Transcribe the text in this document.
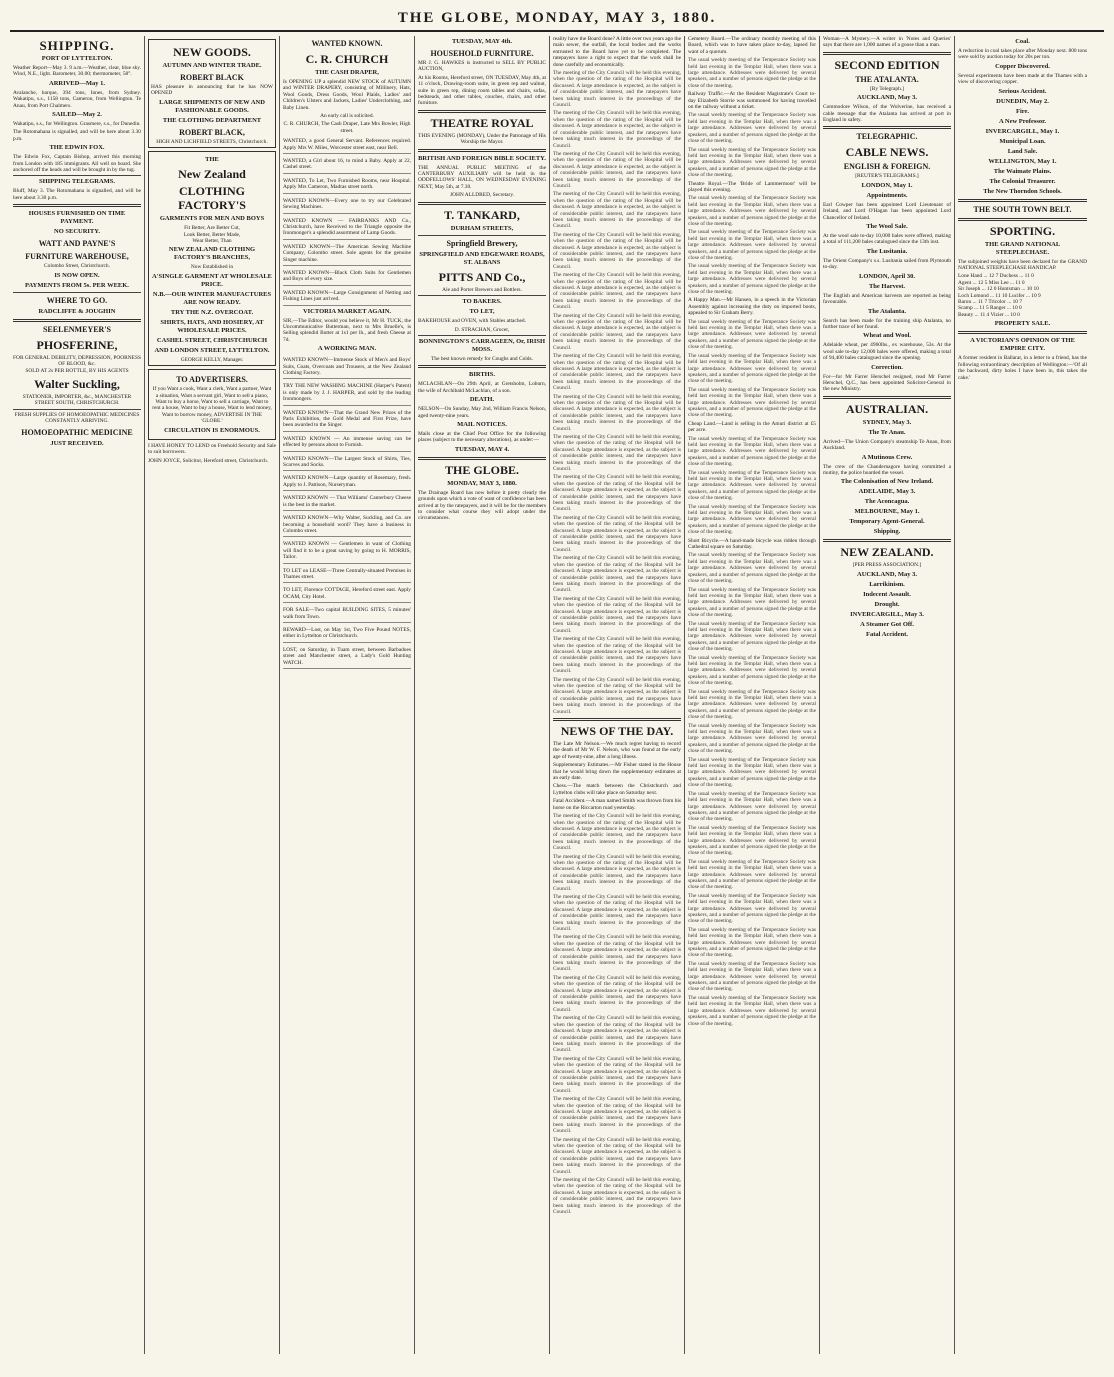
THE GLOBE, MONDAY, MAY 3, 1880.
SHIPPING.
PORT OF LYTTELTON.

Weather Report—May 3. 9 a.m.—Weather, clear, blue sky. Wind, N.E., light. Barometer, 30.00; thermometer, 58°.

ARRIVED—May 1.

Avalanche, barque, 394 tons, Innes, from Sydney. Wakatipu, s.s., 1158 tons, Cameron, from Wellington. Te Anau, from Port Chalmers.

SAILED—May 2.

Wakatipu, s.s., for Wellington. Grasmere, s.s., for Dunedin.

The Rotomahana is signalled, and will be here about 3.30 p.m.

THE EDWIN FOX.

The Edwin Fox, Captain Bishop, arrived this morning from London with 185 immigrants. All well on board. She anchored off the heads and will be brought in by the tug.

SHIPPING TELEGRAMS.

Bluff, May 3. The Rotomahana is signalled, and will be here about 3.30 p.m.

HOUSES FURNISHED ON TIME PAYMENT.
NO SECURITY.
WATT AND PAYNE'S
FURNITURE WAREHOUSE,
Colombo Street, Christchurch.
IS NOW OPEN.
PAYMENTS FROM 5s. PER WEEK.
WHERE TO GO.
RADCLIFFE & JOUGHIN
SEELENMEYER'S
PHOSFERINE,
FOR GENERAL DEBILITY, DEPRESSION, POORNESS OF BLOOD, &c.
SOLD AT 2s PER BOTTLE, BY HIS AGENTS
Walter Suckling,
STATIONER, IMPORTER, &c., MANCHESTER STREET SOUTH, CHRISTCHURCH.
FRESH SUPPLIES OF HOMOEOPATHIC MEDICINES CONSTANTLY ARRIVING.
HOMOEOPATHIC MEDICINE
JUST RECEIVED.
NEW GOODS.
AUTUMN AND WINTER TRADE.
ROBERT BLACK

HAS pleasure in announcing that he has NOW OPENED

LARGE SHIPMENTS OF NEW AND FASHIONABLE GOODS.
THE CLOTHING DEPARTMENT
ROBERT BLACK,
HIGH AND LICHFIELD STREETS, Christchurch.
THE
New Zealand
CLOTHING FACTORY'S
GARMENTS FOR MEN AND BOYS
Fit Better, Are Better Cut,
Look Better, Better Made,
Wear Better, Than
NEW ZEALAND CLOTHING FACTORY'S BRANCHES,
Now Established in
A'SINGLE GARMENT AT WHOLESALE PRICE.
N.B.—OUR WINTER MANUFACTURES ARE NOW READY.
TRY THE N.Z. OVERCOAT.
SHIRTS, HATS, AND HOSIERY, AT WHOLESALE PRICES.
CASHEL STREET, CHRISTCHURCH
AND LONDON STREET, LYTTELTON.
GEORGE KELLY, Manager.
TO ADVERTISERS.

If you Want a cook, Want a clerk, Want a partner, Want a situation, Want a servant girl, Want to sell a piano, Want to buy a horse, Want to sell a carriage, Want to rent a house, Want to buy a house, Want to lend money, Want to borrow money, ADVERTISE IN THE 'GLOBE.'

CIRCULATION IS ENORMOUS.

I HAVE HONEY TO LEND on Freehold Security and Sale to suit borrowers.

JOHN JOYCE, Solicitor, Hereford street, Christchurch.

WANTED KNOWN.
C. R. CHURCH
THE CASH DRAPER,

Is OPENING UP a splendid NEW STOCK of AUTUMN and WINTER DRAPERY, consisting of Millinery, Hats, Wool Goods, Dress Goods, Wool Plaids, Ladies' and Children's Ulsters and Jackets, Ladies' Underclothing, and Baby Linen.

An early call is solicited.

C. R. CHURCH, The Cash Draper, Late Mrs Bowler, High street.

WANTED, a good General Servant. References required. Apply Mrs W. Miles, Worcester street east, near Bell.
WANTED, a Girl about 16, to mind a Baby. Apply at 22, Cashel street.
WANTED, To Let, Two Furnished Rooms, near Hospital. Apply Mrs Cameron, Madras street north.
WANTED KNOWN—Every one to try our Celebrated Sewing Machines.
WANTED KNOWN — FAIRBANKS AND Co., Christchurch, have Received to the Triangle opposite the Ironmonger's a splendid assortment of Lamp Goods.
WANTED KNOWN—The American Sewing Machine Company, Colombo street. Sole agents for the genuine Singer machine.
WANTED KNOWN—Black Cloth Suits for Gentlemen and Boys of every size.
WANTED KNOWN—Large Consignment of Netting and Fishing Lines just arrived.
VICTORIA MARKET AGAIN.

SIR,—The Editor, would you believe it, Mr H. TUCK, the Uncommunicative Butterman, next to Mrs Bruelle's, is Selling splendid Butter at 1s1 per lb., and fresh Cheese at 7d.

A WORKING MAN.
WANTED KNOWN—Immense Stock of Men's and Boys' Suits, Coats, Overcoats and Trousers, at the New Zealand Clothing Factory.
TRY THE NEW WASHING MACHINE (Harper's Patent) is only made by J. J. HARPER, and sold by the leading Ironmongers.
WANTED KNOWN—That the Grand New Prizes of the Paris Exhibition, the Gold Medal and First Prize, have been awarded to the Singer.
WANTED KNOWN — An immense saving can be effected by persons about to Furnish.
WANTED KNOWN—The Largest Stock of Shirts, Ties, Scarves and Socks.
WANTED KNOWN—Large quantity of Rosemary, fresh. Apply to J. Pattison, Nurseryman.
WANTED KNOWN — That Williams' Canterbury Cheese is the best in the market.
WANTED KNOWN—Why Walter, Suckling, and Co. are becoming a household word? They have a business in Colombo street.
WANTED KNOWN — Gentlemen in want of Clothing will find it to be a great saving by going to H. MORRIS, Tailor.
TO LET on LEASE—Three Centrally-situated Premises in Thames street.
TO LET, Florence COTTAGE, Hereford street east. Apply OCAM, City Hotel.
FOR SALE—Two capital BUILDING SITES, 5 minutes' walk from Town.
REWARD—Lost, on May 1st, Two Five Pound NOTES, either in Lyttelton or Christchurch.
LOST, on Saturday, in Tuam street, between Barbadoes street and Manchester street, a Lady's Gold Hunting WATCH.
TUESDAY, MAY 4th.
HOUSEHOLD FURNITURE.

MR J. G. HAWKES is instructed to SELL BY PUBLIC AUCTION,

At his Rooms, Hereford street, ON TUESDAY, May 4th, at 11 o'clock, Drawing-room suite, in green rep and walnut, suite in green rep, dining room tables and chairs, sofas, bedsteads, and other tables, couches, chairs, and other furniture.

THEATRE ROYAL

THIS EVENING (MONDAY), Under the Patronage of His Worship the Mayor.

BRITISH AND FOREIGN BIBLE SOCIETY.

THE ANNUAL PUBLIC MEETING of the CANTERBURY AUXILIARY will be held in the ODDFELLOWS' HALL, ON WEDNESDAY EVENING NEXT, May 5th, at 7.30.

JOHN ALLDRED, Secretary.

T. TANKARD,
DURHAM STREETS,
Springfield Brewery,
SPRINGFIELD AND EDGEWARE ROADS, ST. ALBANS
PITTS AND Co.,
Ale and Porter Brewers and Bottlers.
TO BAKERS.
TO LET,

BAKEHOUSE and OVEN, with Stables attached.

D. STRACHAN, Grocer,

BONNINGTON'S CARRAGEEN, Or, IRISH MOSS.

The best known remedy for Coughs and Colds.

BIRTHS.

MCLACHLAN—On 29th April, at Gretsholm, Loburn, the wife of Archibald McLachlan, of a son.

DEATH.

NELSON—On Sunday, May 2nd, William Francis Nelson, aged twenty-nine years.

MAIL NOTICES.

Mails close at the Chief Post Office for the following places (subject to the necessary alterations), as under:—

TUESDAY, MAY 4.
THE GLOBE.
MONDAY, MAY 3, 1880.

The Drainage Board has now before it pretty clearly the grounds upon which a vote of want of confidence has been arrived at by the ratepayers, and it will be for the members to consider what course they will adopt under the circumstances.

reality have the Board done? A little over two years ago the main sewer, the outfall, the local bodies and the works entrusted to the Board have yet to be completed. The ratepayers have a right to expect that the work shall be done carefully and economically.

The meeting of the City Council will be held this evening, when the question of the rating of the Hospital will be discussed. A large attendance is expected, as the subject is of considerable public interest, and the ratepayers have been taking much interest in the proceedings of the Council.

The meeting of the City Council will be held this evening, when the question of the rating of the Hospital will be discussed. A large attendance is expected, as the subject is of considerable public interest, and the ratepayers have been taking much interest in the proceedings of the Council.

The meeting of the City Council will be held this evening, when the question of the rating of the Hospital will be discussed. A large attendance is expected, as the subject is of considerable public interest, and the ratepayers have been taking much interest in the proceedings of the Council.

The meeting of the City Council will be held this evening, when the question of the rating of the Hospital will be discussed. A large attendance is expected, as the subject is of considerable public interest, and the ratepayers have been taking much interest in the proceedings of the Council.

The meeting of the City Council will be held this evening, when the question of the rating of the Hospital will be discussed. A large attendance is expected, as the subject is of considerable public interest, and the ratepayers have been taking much interest in the proceedings of the Council.

The meeting of the City Council will be held this evening, when the question of the rating of the Hospital will be discussed. A large attendance is expected, as the subject is of considerable public interest, and the ratepayers have been taking much interest in the proceedings of the Council.

The meeting of the City Council will be held this evening, when the question of the rating of the Hospital will be discussed. A large attendance is expected, as the subject is of considerable public interest, and the ratepayers have been taking much interest in the proceedings of the Council.

The meeting of the City Council will be held this evening, when the question of the rating of the Hospital will be discussed. A large attendance is expected, as the subject is of considerable public interest, and the ratepayers have been taking much interest in the proceedings of the Council.

The meeting of the City Council will be held this evening, when the question of the rating of the Hospital will be discussed. A large attendance is expected, as the subject is of considerable public interest, and the ratepayers have been taking much interest in the proceedings of the Council.

The meeting of the City Council will be held this evening, when the question of the rating of the Hospital will be discussed. A large attendance is expected, as the subject is of considerable public interest, and the ratepayers have been taking much interest in the proceedings of the Council.

The meeting of the City Council will be held this evening, when the question of the rating of the Hospital will be discussed. A large attendance is expected, as the subject is of considerable public interest, and the ratepayers have been taking much interest in the proceedings of the Council.

The meeting of the City Council will be held this evening, when the question of the rating of the Hospital will be discussed. A large attendance is expected, as the subject is of considerable public interest, and the ratepayers have been taking much interest in the proceedings of the Council.

The meeting of the City Council will be held this evening, when the question of the rating of the Hospital will be discussed. A large attendance is expected, as the subject is of considerable public interest, and the ratepayers have been taking much interest in the proceedings of the Council.

The meeting of the City Council will be held this evening, when the question of the rating of the Hospital will be discussed. A large attendance is expected, as the subject is of considerable public interest, and the ratepayers have been taking much interest in the proceedings of the Council.

The meeting of the City Council will be held this evening, when the question of the rating of the Hospital will be discussed. A large attendance is expected, as the subject is of considerable public interest, and the ratepayers have been taking much interest in the proceedings of the Council.

The meeting of the City Council will be held this evening, when the question of the rating of the Hospital will be discussed. A large attendance is expected, as the subject is of considerable public interest, and the ratepayers have been taking much interest in the proceedings of the Council.

NEWS OF THE DAY.

The Late Mr Nelson.—We much regret having to record the death of Mr W. F. Nelson, who was found at the early age of twenty-nine, after a long illness.

Supplementary Estimates.—Mr Fisher stated in the House that he would bring down the supplementary estimates at an early date.

Chess.—The match between the Christchurch and Lyttelton clubs will take place on Saturday next.

Fatal Accident.—A man named Smith was thrown from his horse on the Riccarton road yesterday.

The meeting of the City Council will be held this evening, when the question of the rating of the Hospital will be discussed. A large attendance is expected, as the subject is of considerable public interest, and the ratepayers have been taking much interest in the proceedings of the Council.

The meeting of the City Council will be held this evening, when the question of the rating of the Hospital will be discussed. A large attendance is expected, as the subject is of considerable public interest, and the ratepayers have been taking much interest in the proceedings of the Council.

The meeting of the City Council will be held this evening, when the question of the rating of the Hospital will be discussed. A large attendance is expected, as the subject is of considerable public interest, and the ratepayers have been taking much interest in the proceedings of the Council.

The meeting of the City Council will be held this evening, when the question of the rating of the Hospital will be discussed. A large attendance is expected, as the subject is of considerable public interest, and the ratepayers have been taking much interest in the proceedings of the Council.

The meeting of the City Council will be held this evening, when the question of the rating of the Hospital will be discussed. A large attendance is expected, as the subject is of considerable public interest, and the ratepayers have been taking much interest in the proceedings of the Council.

The meeting of the City Council will be held this evening, when the question of the rating of the Hospital will be discussed. A large attendance is expected, as the subject is of considerable public interest, and the ratepayers have been taking much interest in the proceedings of the Council.

The meeting of the City Council will be held this evening, when the question of the rating of the Hospital will be discussed. A large attendance is expected, as the subject is of considerable public interest, and the ratepayers have been taking much interest in the proceedings of the Council.

The meeting of the City Council will be held this evening, when the question of the rating of the Hospital will be discussed. A large attendance is expected, as the subject is of considerable public interest, and the ratepayers have been taking much interest in the proceedings of the Council.

The meeting of the City Council will be held this evening, when the question of the rating of the Hospital will be discussed. A large attendance is expected, as the subject is of considerable public interest, and the ratepayers have been taking much interest in the proceedings of the Council.

The meeting of the City Council will be held this evening, when the question of the rating of the Hospital will be discussed. A large attendance is expected, as the subject is of considerable public interest, and the ratepayers have been taking much interest in the proceedings of the Council.

Cemetery Board.—The ordinary monthly meeting of this Board, which was to have taken place to-day, lapsed for want of a quorum.

The usual weekly meeting of the Temperance Society was held last evening in the Templar Hall, when there was a large attendance. Addresses were delivered by several speakers, and a number of persons signed the pledge at the close of the meeting.

Railway Traffic.—At the Resident Magistrate's Court to-day Elizabeth Storrie was summoned for having travelled on the railway without a ticket.

The usual weekly meeting of the Temperance Society was held last evening in the Templar Hall, when there was a large attendance. Addresses were delivered by several speakers, and a number of persons signed the pledge at the close of the meeting.

The usual weekly meeting of the Temperance Society was held last evening in the Templar Hall, when there was a large attendance. Addresses were delivered by several speakers, and a number of persons signed the pledge at the close of the meeting.

Theatre Royal.—The 'Bride of Lammermoor' will be played this evening.

The usual weekly meeting of the Temperance Society was held last evening in the Templar Hall, when there was a large attendance. Addresses were delivered by several speakers, and a number of persons signed the pledge at the close of the meeting.

The usual weekly meeting of the Temperance Society was held last evening in the Templar Hall, when there was a large attendance. Addresses were delivered by several speakers, and a number of persons signed the pledge at the close of the meeting.

The usual weekly meeting of the Temperance Society was held last evening in the Templar Hall, when there was a large attendance. Addresses were delivered by several speakers, and a number of persons signed the pledge at the close of the meeting.

A Happy Man.—Mr Hansen, in a speech in the Victorian Assembly against increasing the duty on imported boots, appealed to Sir Graham Berry.

The usual weekly meeting of the Temperance Society was held last evening in the Templar Hall, when there was a large attendance. Addresses were delivered by several speakers, and a number of persons signed the pledge at the close of the meeting.

The usual weekly meeting of the Temperance Society was held last evening in the Templar Hall, when there was a large attendance. Addresses were delivered by several speakers, and a number of persons signed the pledge at the close of the meeting.

The usual weekly meeting of the Temperance Society was held last evening in the Templar Hall, when there was a large attendance. Addresses were delivered by several speakers, and a number of persons signed the pledge at the close of the meeting.

Cheap Land.—Land is selling in the Amuri district at £5 per acre.

The usual weekly meeting of the Temperance Society was held last evening in the Templar Hall, when there was a large attendance. Addresses were delivered by several speakers, and a number of persons signed the pledge at the close of the meeting.

The usual weekly meeting of the Temperance Society was held last evening in the Templar Hall, when there was a large attendance. Addresses were delivered by several speakers, and a number of persons signed the pledge at the close of the meeting.

The usual weekly meeting of the Temperance Society was held last evening in the Templar Hall, when there was a large attendance. Addresses were delivered by several speakers, and a number of persons signed the pledge at the close of the meeting.

Short Bicycle.—A hand-made bicycle was ridden through Cathedral square on Saturday.

The usual weekly meeting of the Temperance Society was held last evening in the Templar Hall, when there was a large attendance. Addresses were delivered by several speakers, and a number of persons signed the pledge at the close of the meeting.

The usual weekly meeting of the Temperance Society was held last evening in the Templar Hall, when there was a large attendance. Addresses were delivered by several speakers, and a number of persons signed the pledge at the close of the meeting.

The usual weekly meeting of the Temperance Society was held last evening in the Templar Hall, when there was a large attendance. Addresses were delivered by several speakers, and a number of persons signed the pledge at the close of the meeting.

The usual weekly meeting of the Temperance Society was held last evening in the Templar Hall, when there was a large attendance. Addresses were delivered by several speakers, and a number of persons signed the pledge at the close of the meeting.

The usual weekly meeting of the Temperance Society was held last evening in the Templar Hall, when there was a large attendance. Addresses were delivered by several speakers, and a number of persons signed the pledge at the close of the meeting.

The usual weekly meeting of the Temperance Society was held last evening in the Templar Hall, when there was a large attendance. Addresses were delivered by several speakers, and a number of persons signed the pledge at the close of the meeting.

The usual weekly meeting of the Temperance Society was held last evening in the Templar Hall, when there was a large attendance. Addresses were delivered by several speakers, and a number of persons signed the pledge at the close of the meeting.

The usual weekly meeting of the Temperance Society was held last evening in the Templar Hall, when there was a large attendance. Addresses were delivered by several speakers, and a number of persons signed the pledge at the close of the meeting.

The usual weekly meeting of the Temperance Society was held last evening in the Templar Hall, when there was a large attendance. Addresses were delivered by several speakers, and a number of persons signed the pledge at the close of the meeting.

The usual weekly meeting of the Temperance Society was held last evening in the Templar Hall, when there was a large attendance. Addresses were delivered by several speakers, and a number of persons signed the pledge at the close of the meeting.

The usual weekly meeting of the Temperance Society was held last evening in the Templar Hall, when there was a large attendance. Addresses were delivered by several speakers, and a number of persons signed the pledge at the close of the meeting.

The usual weekly meeting of the Temperance Society was held last evening in the Templar Hall, when there was a large attendance. Addresses were delivered by several speakers, and a number of persons signed the pledge at the close of the meeting.

The usual weekly meeting of the Temperance Society was held last evening in the Templar Hall, when there was a large attendance. Addresses were delivered by several speakers, and a number of persons signed the pledge at the close of the meeting.

The usual weekly meeting of the Temperance Society was held last evening in the Templar Hall, when there was a large attendance. Addresses were delivered by several speakers, and a number of persons signed the pledge at the close of the meeting.

Woman—A Mystery.—A writer in 'Notes and Queries' says that there are 1,000 names of a goose than a man.

SECOND EDITION
THE ATALANTA.
[By Telegraph.]
AUCKLAND, May 3.

Commodore Wilson, of the Wolverine, has received a cable message that the Atalanta has arrived at port in England in safety.

TELEGRAPHIC.
CABLE NEWS.
ENGLISH & FOREIGN.
[REUTER'S TELEGRAMS.]
LONDON, May 1.
Appointments.

Earl Cowper has been appointed Lord Lieutenant of Ireland, and Lord O'Hagan has been appointed Lord Chancellor of Ireland.

The Wool Sale.

At the wool sale to-day 10,000 bales were offered, making a total of 111,200 bales catalogued since the 13th inst.

The Lusitania.

The Orient Company's s.s. Lusitania sailed from Plymouth to-day.

LONDON, April 30.
The Harvest.

The English and American harvests are reported as being favourable.

The Atalanta.

Search has been made for the training ship Atalanta, no further trace of her found.

Wheat and Wool.

Adelaide wheat, per 4960lbs., ex warehouse, 53s. At the wool sale to-day 12,000 bales were offered, making a total of 94,400 bales catalogued since the opening.

Correction.

For—for Mr Farrer Herschel resigned, read Mr Farrer Herschel, Q.C., has been appointed Solicitor-General in the new Ministry.

AUSTRALIAN.
SYDNEY, May 3.
The Te Anau.

Arrived—The Union Company's steamship Te Anau, from Auckland.

A Mutinous Crew.

The crew of the Chandernagore having committed a mutiny, the police boarded the vessel.

The Colonisation of New Ireland.
ADELAIDE, May 3.
The Aconcagua.
MELBOURNE, May 1.
Temporary Agent-General.
Shipping.
NEW ZEALAND.
[PER PRESS ASSOCIATION.]
AUCKLAND, May 3.
Larrikinism.
Indecent Assault.
Drought.
INVERCARGILL, May 3.
A Steamer Got Off.
Fatal Accident.
Coal.

A reduction in coal takes place after Monday next. 800 tons were sold by auction today for 20s per ton.

Copper Discovered.

Several experiments have been made at the Thames with a view of discovering copper.

Serious Accident.
DUNEDIN, May 2.
Fire.
A New Professor.
INVERCARGILL, May 1.
Municipal Loan.
Land Sale.
WELLINGTON, May 1.
The Waimate Plains.
The Colonial Treasurer.
The New Thorndon Schools.
THE SOUTH TOWN BELT.
SPORTING.
THE GRAND NATIONAL STEEPLECHASE.

The subjoined weights have been declared for the GRAND NATIONAL STEEPLECHASE HANDICAP.

Lone Hand ... 12 7 Duchess ... 11 0
Agent ... 12 5 Miss Lee ... 11 0
Sir Joseph ... 12 0 Huntsman ... 10 10
Loch Lomond ... 11 10 Lucifer ... 10 9
Baron ... 11 7 Tricolor ... 10 7
Scamp ... 11 5 Ranger ... 10 0
Beauty ... 11 4 Vizier ... 10 0
PROPERTY SALE.
A VICTORIAN'S OPINION OF THE EMPIRE CITY.

A former resident in Ballarat, in a letter to a friend, has the following extraordinary description of Wellington:—'Of all the backward, dirty holes I have been in, this takes the cake.'
